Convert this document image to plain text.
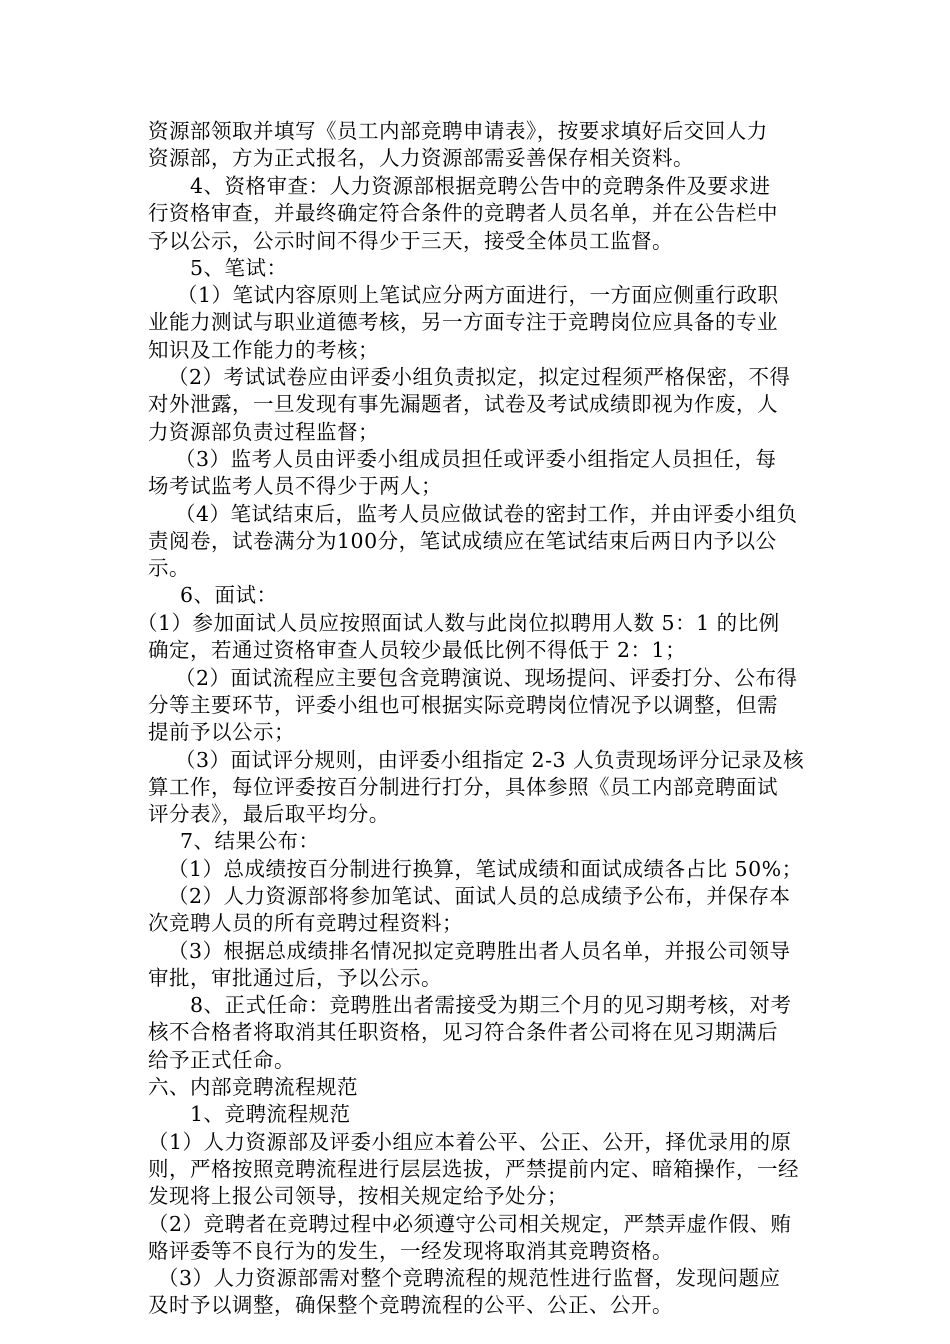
资源部领取并填写《员工内部竞聘申请表》，按要求填好后交回人力
资源部，方为正式报名，人力资源部需妥善保存相关资料。
4、资格审查：人力资源部根据竞聘公告中的竞聘条件及要求进
行资格审查，并最终确定符合条件的竞聘者人员名单，并在公告栏中
予以公示，公示时间不得少于三天，接受全体员工监督。
5、笔试：
（1）笔试内容原则上笔试应分两方面进行，一方面应侧重行政职
业能力测试与职业道德考核，另一方面专注于竞聘岗位应具备的专业
知识及工作能力的考核；
（2）考试试卷应由评委小组负责拟定，拟定过程须严格保密，不得
对外泄露，一旦发现有事先漏题者，试卷及考试成绩即视为作废，人
力资源部负责过程监督；
（3）监考人员由评委小组成员担任或评委小组指定人员担任，每
场考试监考人员不得少于两人；
（4）笔试结束后，监考人员应做试卷的密封工作，并由评委小组负
责阅卷，试卷满分为100分，笔试成绩应在笔试结束后两日内予以公
示。
6、面试：
（1）参加面试人员应按照面试人数与此岗位拟聘用人数 5：1 的比例
确定，若通过资格审查人员较少最低比例不得低于 2：1；
（2）面试流程应主要包含竞聘演说、现场提问、评委打分、公布得
分等主要环节，评委小组也可根据实际竞聘岗位情况予以调整，但需
提前予以公示；
（3）面试评分规则，由评委小组指定 2-3 人负责现场评分记录及核
算工作，每位评委按百分制进行打分，具体参照《员工内部竞聘面试
评分表》，最后取平均分。
7、结果公布：
（1）总成绩按百分制进行换算，笔试成绩和面试成绩各占比 50%；
（2）人力资源部将参加笔试、面试人员的总成绩予公布，并保存本
次竞聘人员的所有竞聘过程资料；
（3）根据总成绩排名情况拟定竞聘胜出者人员名单，并报公司领导
审批，审批通过后，予以公示。
8、正式任命：竞聘胜出者需接受为期三个月的见习期考核，对考
核不合格者将取消其任职资格，见习符合条件者公司将在见习期满后
给予正式任命。
六、内部竞聘流程规范
1、竞聘流程规范
（1）人力资源部及评委小组应本着公平、公正、公开，择优录用的原
则，严格按照竞聘流程进行层层选拔，严禁提前内定、暗箱操作，一经
发现将上报公司领导，按相关规定给予处分；
（2）竞聘者在竞聘过程中必须遵守公司相关规定，严禁弄虚作假、贿
赂评委等不良行为的发生，一经发现将取消其竞聘资格。
（3）人力资源部需对整个竞聘流程的规范性进行监督，发现问题应
及时予以调整，确保整个竞聘流程的公平、公正、公开。
